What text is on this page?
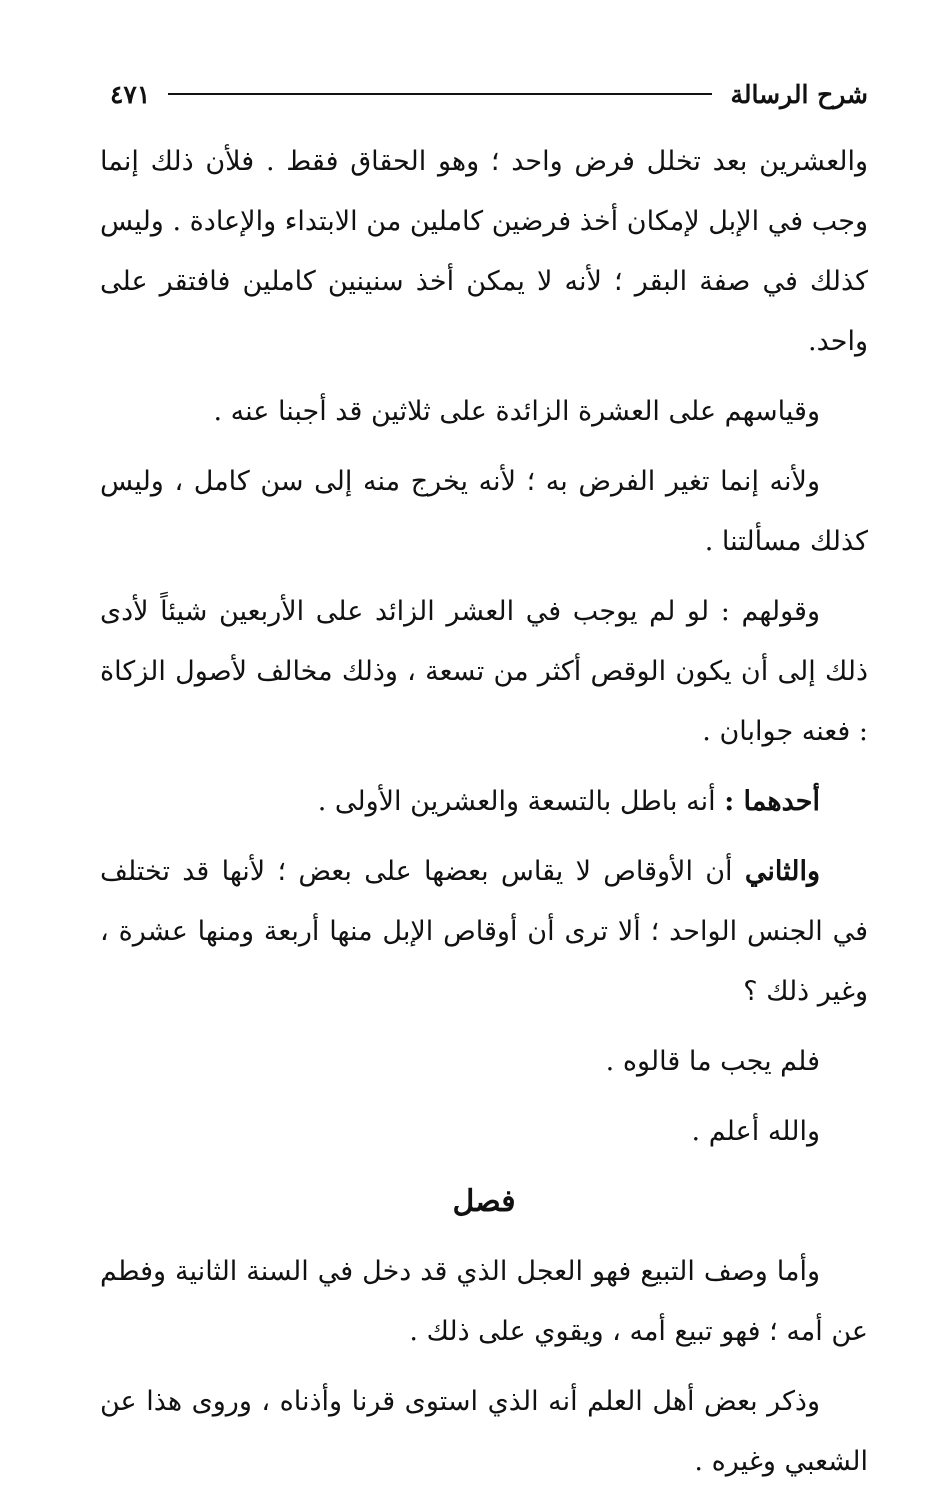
شرح الرسالة
٤٧١

والعشرين بعد تخلل فرض واحد ؛ وهو الحقاق فقط . فلأن ذلك إنما وجب في الإبل لإمكان أخذ فرضين كاملين من الابتداء والإعادة . وليس كذلك في صفة البقر ؛ لأنه لا يمكن أخذ سنينين كاملين فافتقر على واحد.

وقياسهم على العشرة الزائدة على ثلاثين قد أجبنا عنه .

ولأنه إنما تغير الفرض به ؛ لأنه يخرج منه إلى سن كامل ، وليس كذلك مسألتنا .

وقولهم : لو لم يوجب في العشر الزائد على الأربعين شيئاً لأدى ذلك إلى أن يكون الوقص أكثر من تسعة ، وذلك مخالف لأصول الزكاة : فعنه جوابان .

أحدهما : أنه باطل بالتسعة والعشرين الأولى .

والثاني أن الأوقاص لا يقاس بعضها على بعض ؛ لأنها قد تختلف في الجنس الواحد ؛ ألا ترى أن أوقاص الإبل منها أربعة ومنها عشرة ، وغير ذلك ؟

فلم يجب ما قالوه .

والله أعلم .

فصل

وأما وصف التبيع فهو العجل الذي قد دخل في السنة الثانية وفطم عن أمه ؛ فهو تبيع أمه ، ويقوي على ذلك .

وذكر بعض أهل العلم أنه الذي استوى قرنا وأذناه ، وروى هذا عن الشعبي وغيره .
